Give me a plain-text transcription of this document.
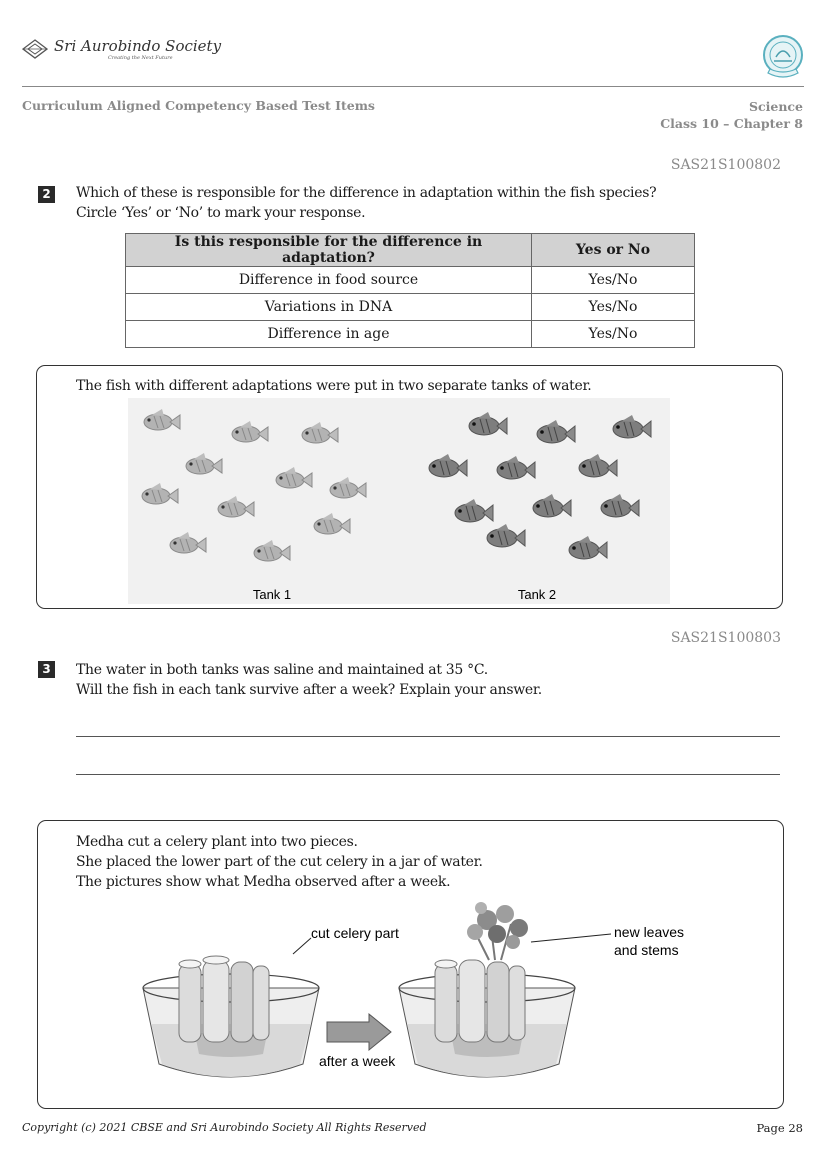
Sri Aurobindo Society
Creating the Next Future
Curriculum Aligned Competency Based Test Items	Science
Class 10 – Chapter 8
SAS21S100802
2	Which of these is responsible for the difference in adaptation within the fish species?
Circle ‘Yes’ or ‘No’ to mark your response.
Is this responsible for the difference in adaptation?	Yes or No
Difference in food source	Yes/No
Variations in DNA	Yes/No
Difference in age	Yes/No
The fish with different adaptations were put in two separate tanks of water.
Tank 1	Tank 2
SAS21S100803
3	The water in both tanks was saline and maintained at 35 °C.
Will the fish in each tank survive after a week? Explain your answer.
Medha cut a celery plant into two pieces.
She placed the lower part of the cut celery in a jar of water.
The pictures show what Medha observed after a week.
after a week
cut celery part	new leaves
and stems
Copyright (c) 2021 CBSE and Sri Aurobindo Society All Rights Reserved	Page 28
